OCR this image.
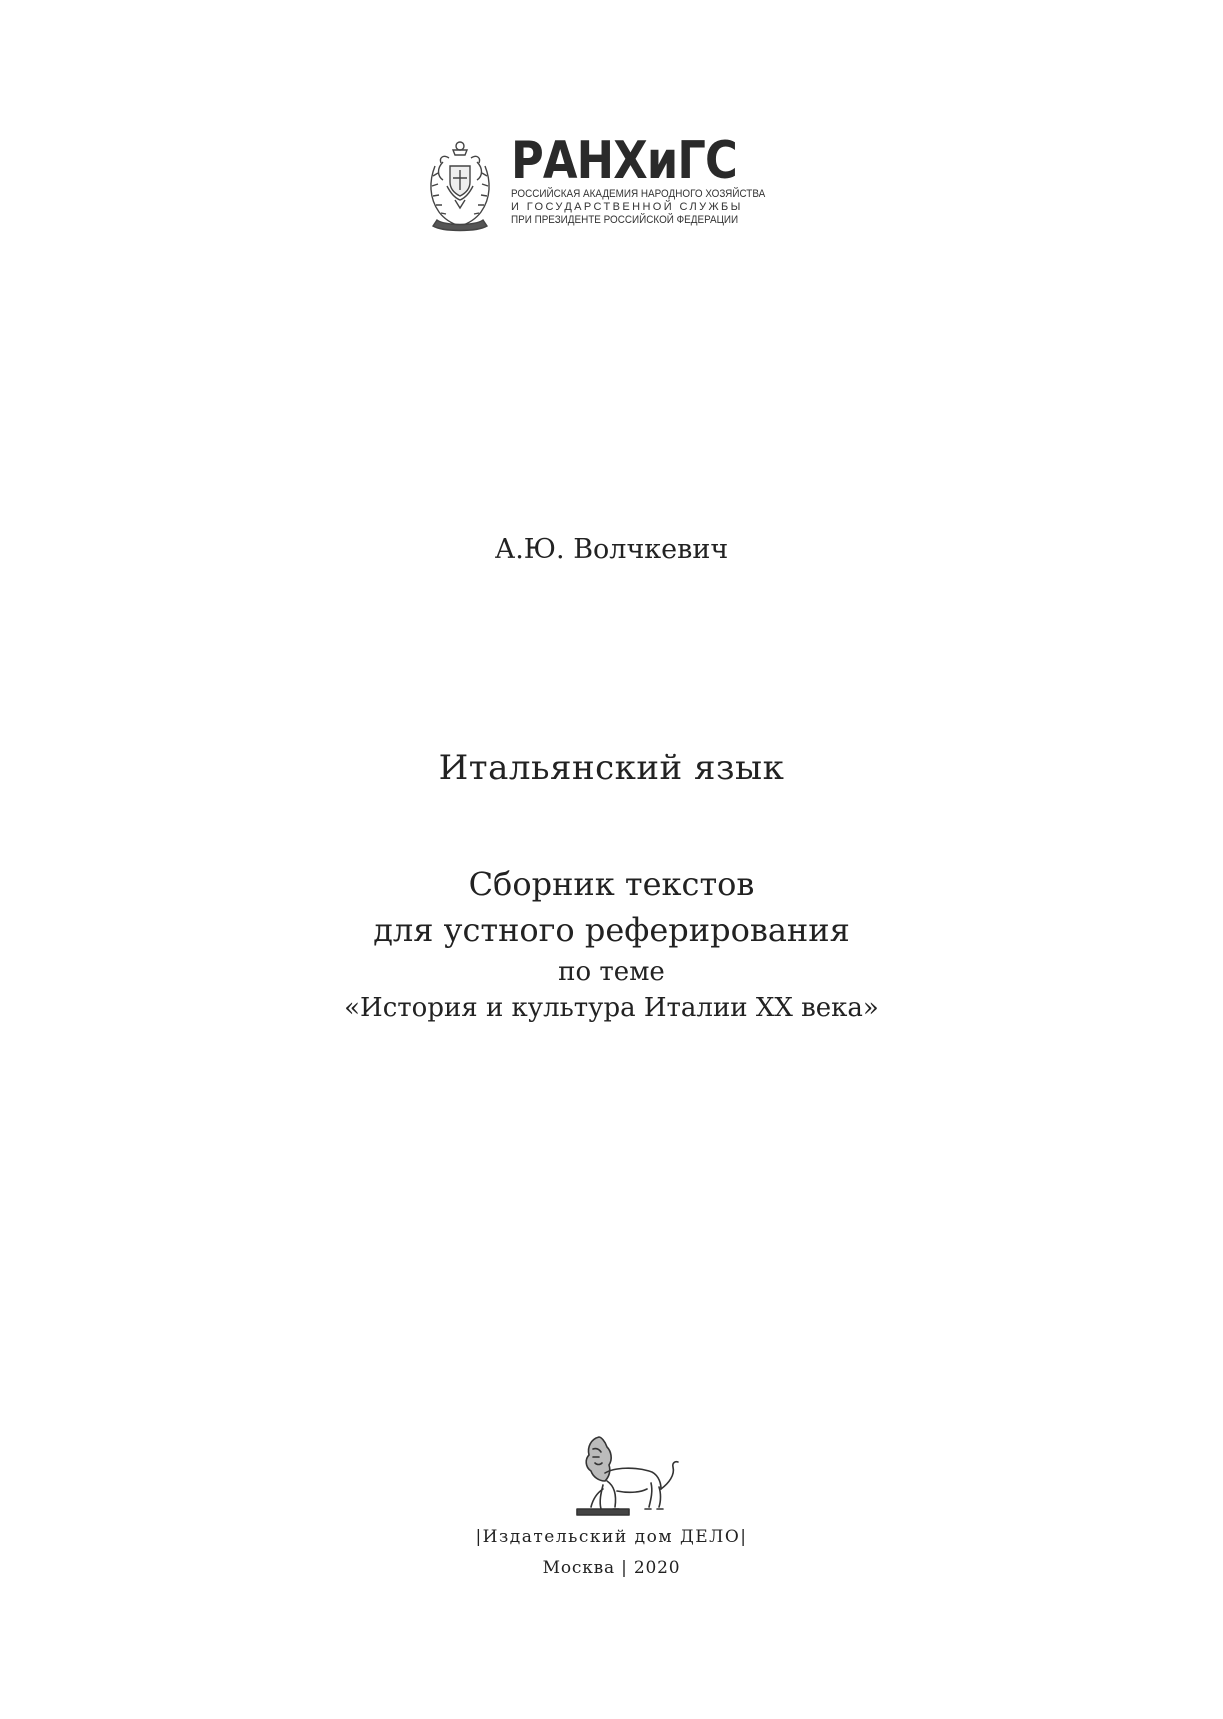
РАНХиГС
РОССИЙСКАЯ АКАДЕМИЯ НАРОДНОГО ХОЗЯЙСТВА
И ГОСУДАРСТВЕННОЙ СЛУЖБЫ
ПРИ ПРЕЗИДЕНТЕ РОССИЙСКОЙ ФЕДЕРАЦИИ
А.Ю. Волчкевич
Итальянский язык
Сборник текстов
для устного реферирования
по теме
«История и культура Италии XX века»
|Издательский дом ДЕЛО|
Москва | 2020
